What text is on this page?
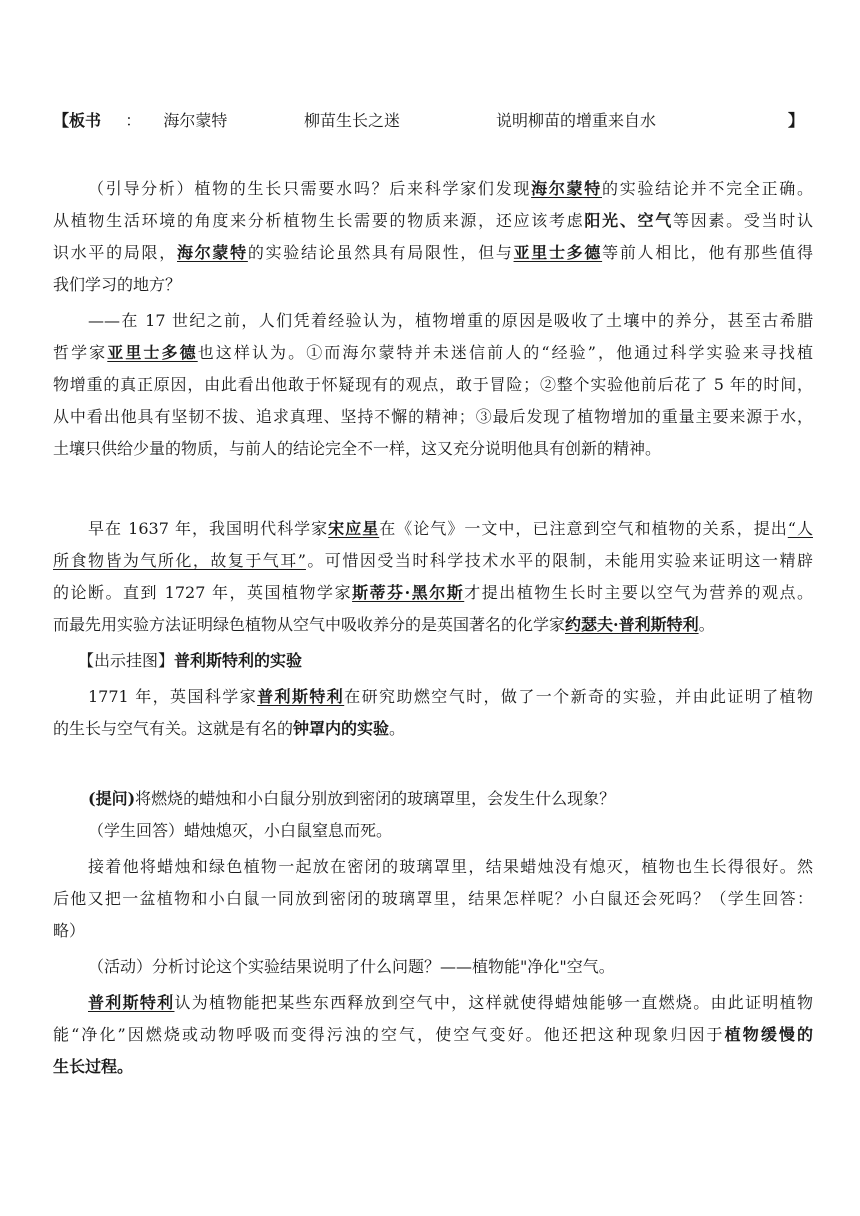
【板书 ： 海尔蒙特	柳苗生长之迷	说明柳苗的增重来自水	】
（引导分析）植物的生长只需要水吗？后来科学家们发现海尔蒙特的实验结论并不完全正确。
从植物生活环境的角度来分析植物生长需要的物质来源，还应该考虑阳光、空气等因素。受当时认
识水平的局限，海尔蒙特的实验结论虽然具有局限性，但与亚里士多德等前人相比，他有那些值得
我们学习的地方？
——在 17 世纪之前，人们凭着经验认为，植物增重的原因是吸收了土壤中的养分，甚至古希腊
哲学家亚里士多德也这样认为。①而海尔蒙特并未迷信前人的“经验”，他通过科学实验来寻找植
物增重的真正原因，由此看出他敢于怀疑现有的观点，敢于冒险；②整个实验他前后花了 5 年的时间，
从中看出他具有坚韧不拔、追求真理、坚持不懈的精神；③最后发现了植物增加的重量主要来源于水，
土壤只供给少量的物质，与前人的结论完全不一样，这又充分说明他具有创新的精神。
早在 1637 年，我国明代科学家宋应星在《论气》一文中，已注意到空气和植物的关系，提出“人
所食物皆为气所化，故复于气耳”。可惜因受当时科学技术水平的限制，未能用实验来证明这一精辟
的论断。直到 1727 年，英国植物学家斯蒂芬·黑尔斯才提出植物生长时主要以空气为营养的观点。
而最先用实验方法证明绿色植物从空气中吸收养分的是英国著名的化学家约瑟夫·普利斯特利。
【出示挂图】普利斯特利的实验
1771 年，英国科学家普利斯特利在研究助燃空气时，做了一个新奇的实验，并由此证明了植物
的生长与空气有关。这就是有名的钟罩内的实验。
(提问)将燃烧的蜡烛和小白鼠分别放到密闭的玻璃罩里，会发生什么现象？
（学生回答）蜡烛熄灭，小白鼠窒息而死。
接着他将蜡烛和绿色植物一起放在密闭的玻璃罩里，结果蜡烛没有熄灭，植物也生长得很好。然
后他又把一盆植物和小白鼠一同放到密闭的玻璃罩里，结果怎样呢？小白鼠还会死吗？（学生回答：
略）
（活动）分析讨论这个实验结果说明了什么问题？——植物能"净化"空气。
普利斯特利认为植物能把某些东西释放到空气中，这样就使得蜡烛能够一直燃烧。由此证明植物
能“净化”因燃烧或动物呼吸而变得污浊的空气，使空气变好。他还把这种现象归因于植物缓慢的
生长过程。
